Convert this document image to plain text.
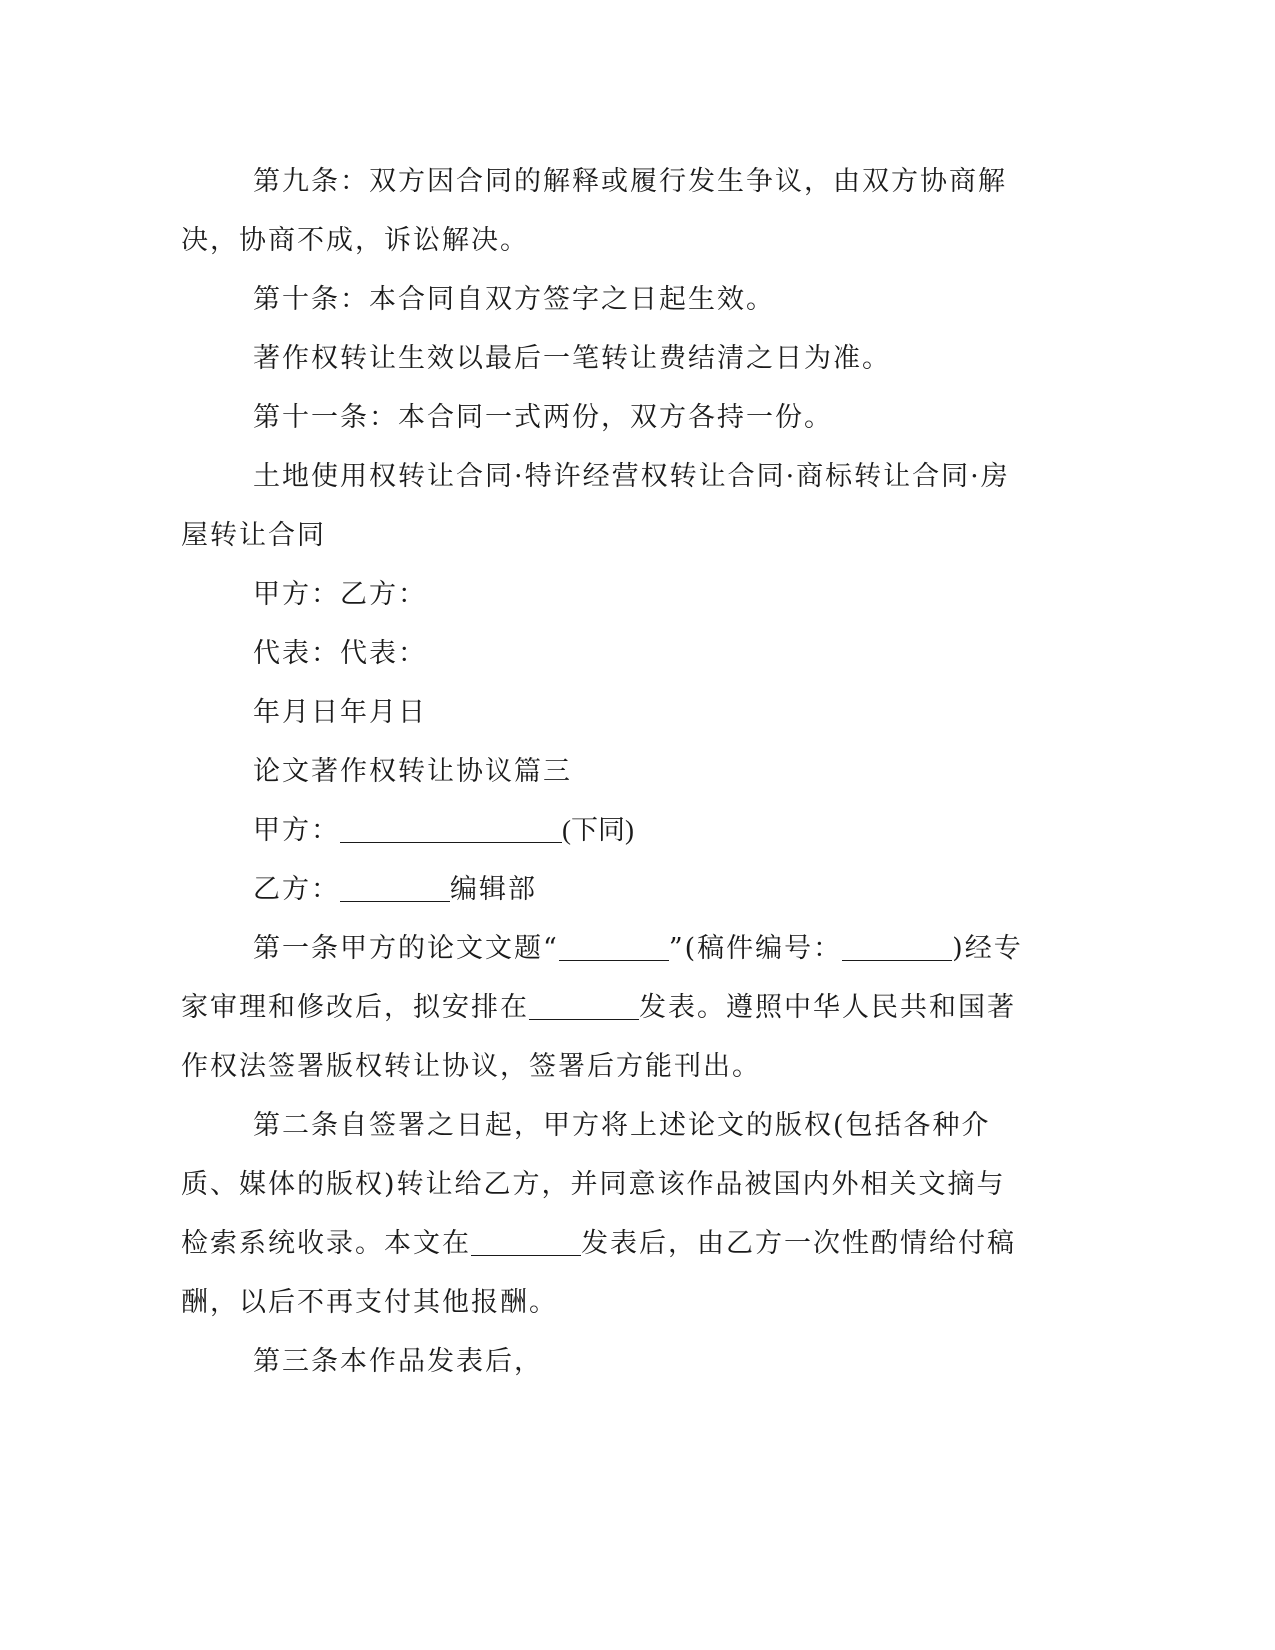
第九条：双方因合同的解释或履行发生争议，由双方协商解决，协商不成，诉讼解决。

第十条：本合同自双方签字之日起生效。

著作权转让生效以最后一笔转让费结清之日为准。

第十一条：本合同一式两份，双方各持一份。

土地使用权转让合同·特许经营权转让合同·商标转让合同·房屋转让合同

甲方：乙方：

代表：代表：

年月日年月日

论文著作权转让协议篇三

甲方：	(下同)

乙方：	编辑部

第一条甲方的论文文题“	”(稿件编号：	)经专家审理和修改后，拟安排在	发表。遵照中华人民共和国著作权法签署版权转让协议，签署后方能刊出。

第二条自签署之日起，甲方将上述论文的版权(包括各种介质、媒体的版权)转让给乙方，并同意该作品被国内外相关文摘与检索系统收录。本文在	发表后，由乙方一次性酌情给付稿酬，以后不再支付其他报酬。

第三条本作品发表后，
